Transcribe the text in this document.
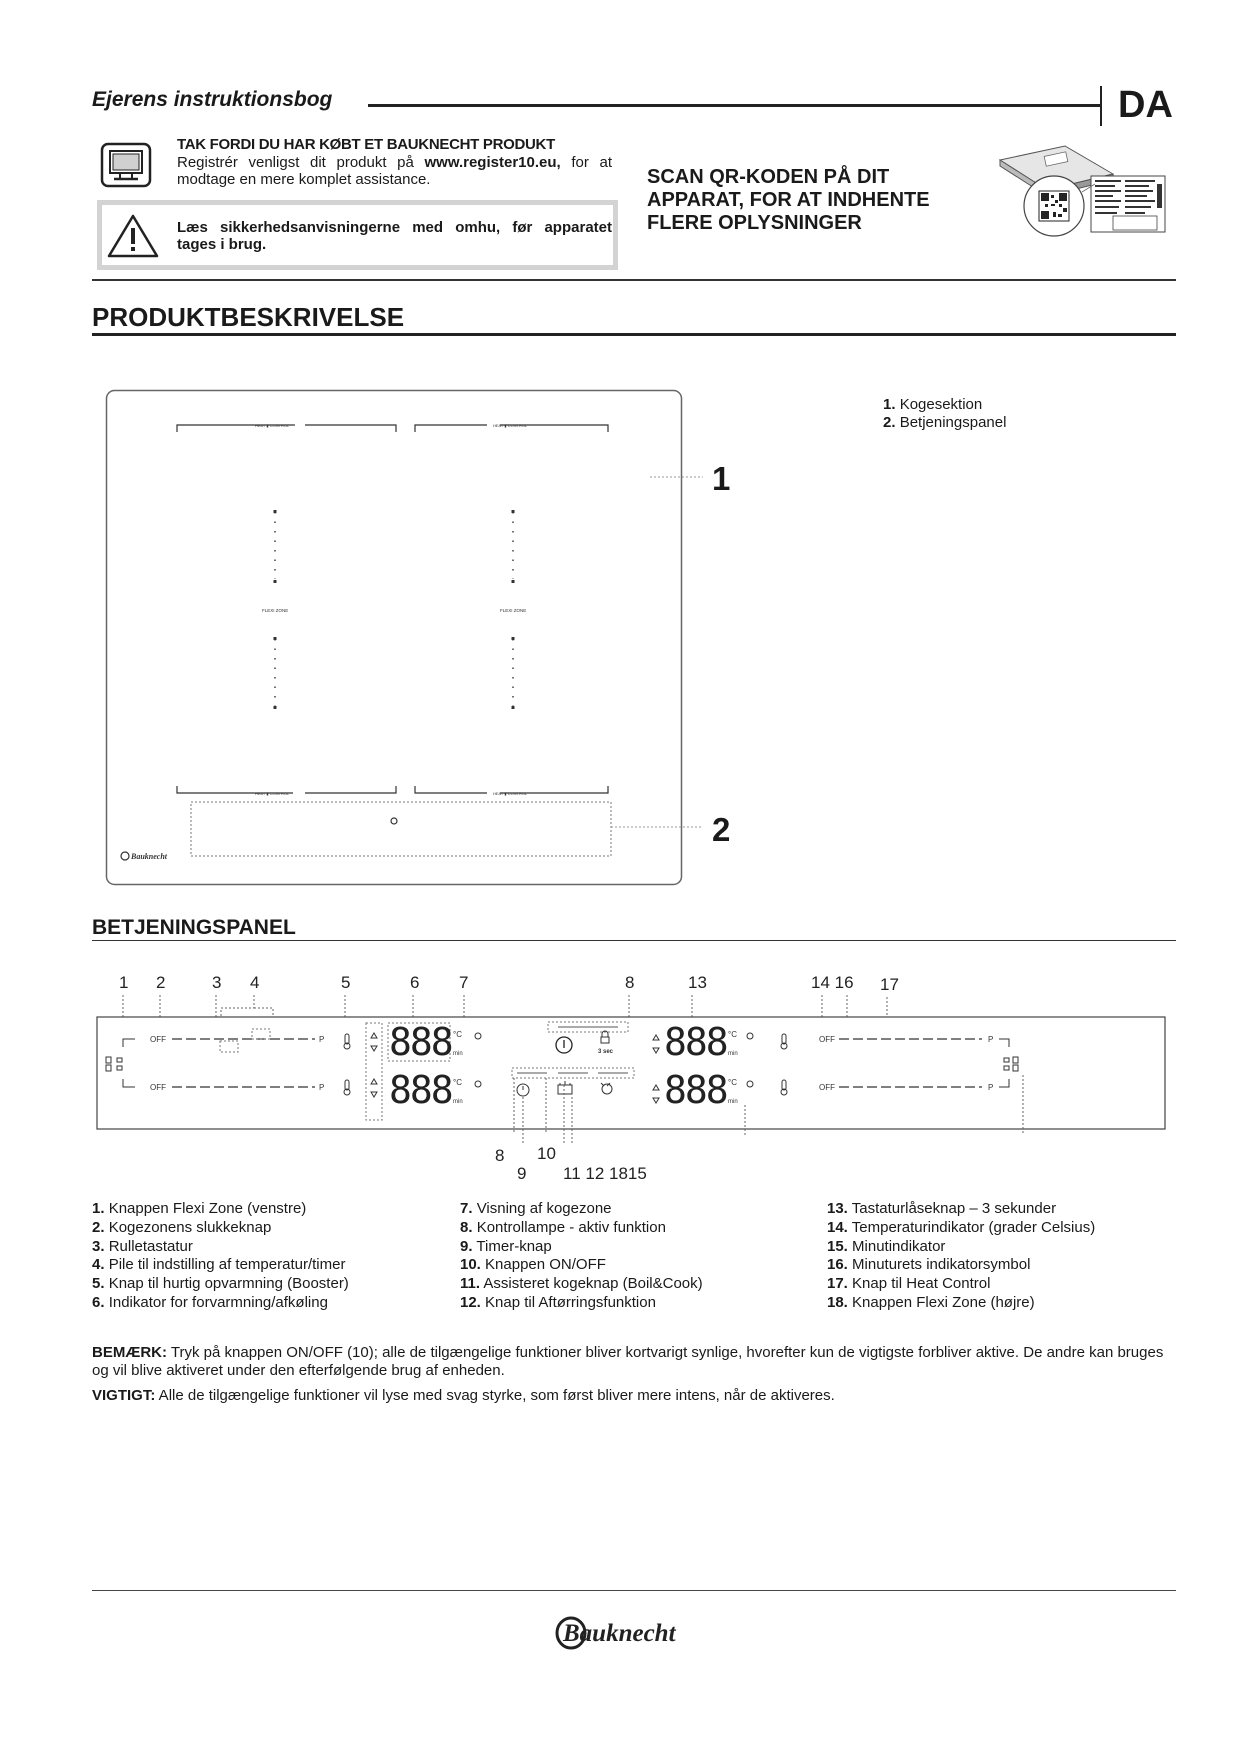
Ejerens instruktionsbog	DA
TAK FORDI DU HAR KØBT ET BAUKNECHT PRODUKT
Registrér venligst dit produkt på www.register10.eu, for at modtage en mere komplet assistance.
Læs sikkerhedsanvisningerne med omhu, før apparatet tages i brug.
SCAN QR-KODEN PÅ DIT APPARAT, FOR AT INDHENTE FLERE OPLYSNINGER
PRODUKTBESKRIVELSE
HEAT ▮ CONTROL	HEAT ▮ CONTROL
HEAT ▮ CONTROL	HEAT ▮ CONTROL
FLEXI ZONE	FLEXI ZONE
Bauknecht
1
2
1. Kogesektion
2. Betjeningspanel
BETJENINGSPANEL
1 2	3 4	5	6 7	8	13	14 16 17
OFF
OFF
P
P
888
888
°C
min
°C
min
3 sec 888
888
°C
min
°C
min
OFF
OFF
P
P
8 10
9 11 12 1815
1. Knappen Flexi Zone (venstre)
2. Kogezonens slukkeknap
3. Rulletastatur
4. Pile til indstilling af temperatur/timer
5. Knap til hurtig opvarmning (Booster)
6. Indikator for forvarmning/afkøling
7. Visning af kogezone
8. Kontrollampe - aktiv funktion
9. Timer-knap
10. Knappen ON/OFF
11. Assisteret kogeknap (Boil&Cook)
12. Knap til Aftørringsfunktion
13. Tastaturlåseknap – 3 sekunder
14. Temperaturindikator (grader Celsius)
15. Minutindikator
16. Minuturets indikatorsymbol
17. Knap til Heat Control
18. Knappen Flexi Zone (højre)
BEMÆRK: Tryk på knappen ON/OFF (10); alle de tilgængelige funktioner bliver kortvarigt synlige, hvorefter kun de vigtigste forbliver aktive. De andre kan bruges og vil blive aktiveret under den efterfølgende brug af enheden.
VIGTIGT: Alle de tilgængelige funktioner vil lyse med svag styrke, som først bliver mere intens, når de aktiveres.
Bauknecht
